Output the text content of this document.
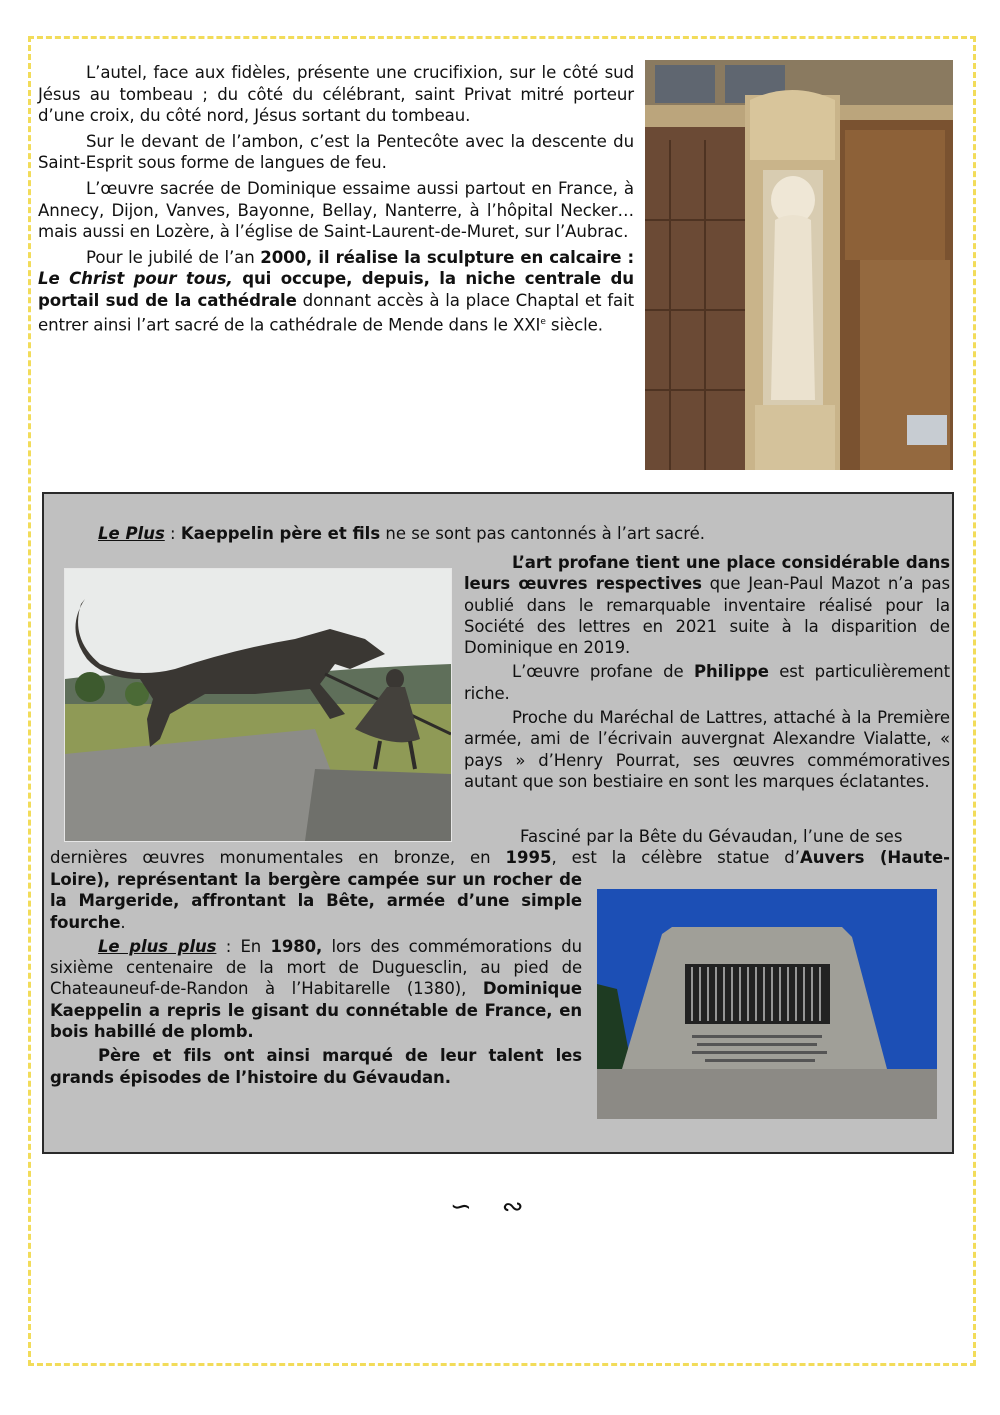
L’autel, face aux fidèles, présente une crucifixion, sur le côté sud Jésus au tombeau ; du côté du célébrant, saint Privat mitré porteur d’une croix, du côté nord, Jésus sortant du tombeau.

Sur le devant de l’ambon, c’est la Pentecôte avec la descente du Saint-Esprit sous forme de langues de feu.

L’œuvre sacrée de Dominique essaime aussi partout en France, à Annecy, Dijon, Vanves, Bayonne, Bellay, Nanterre, à l’hôpital Necker… mais aussi en Lozère, à l’église de Saint-Laurent-de-Muret, sur l’Aubrac.

Pour le jubilé de l’an 2000, il réalise la sculpture en calcaire : Le Christ pour tous, qui occupe, depuis, la niche centrale du portail sud de la cathédrale donnant accès à la place Chaptal et fait entrer ainsi l’art sacré de la cathédrale de Mende dans le XXIe siècle.

Le Plus : Kaeppelin père et fils ne se sont pas cantonnés à l’art sacré.

L’art profane tient une place considérable dans leurs œuvres respectives que Jean-Paul Mazot n’a pas oublié dans le remarquable inventaire réalisé pour la Société des lettres en 2021 suite à la disparition de Dominique en 2019.

L’œuvre profane de Philippe est particulièrement riche.

Proche du Maréchal de Lattres, attaché à la Première armée, ami de l’écrivain auvergnat Alexandre Vialatte, « pays » d’Henry Pourrat, ses œuvres commémoratives autant que son bestiaire en sont les marques éclatantes.

Fasciné par la Bête du Gévaudan, l’une de ses
dernières œuvres monumentales en bronze, en 1995, est la célèbre statue d’Auvers (Haute-

Loire), représentant la bergère campée sur un rocher de la Margeride, affrontant la Bête, armée d’une simple fourche.

Le plus plus : En 1980, lors des commémorations du sixième centenaire de la mort de Duguesclin, au pied de Chateauneuf-de-Randon à l’Habitarelle (1380), Dominique Kaeppelin a repris le gisant du connétable de France, en bois habillé de plomb.

Père et fils ont ainsi marqué de leur talent les grands épisodes de l’histoire du Gévaudan.

∽∾
